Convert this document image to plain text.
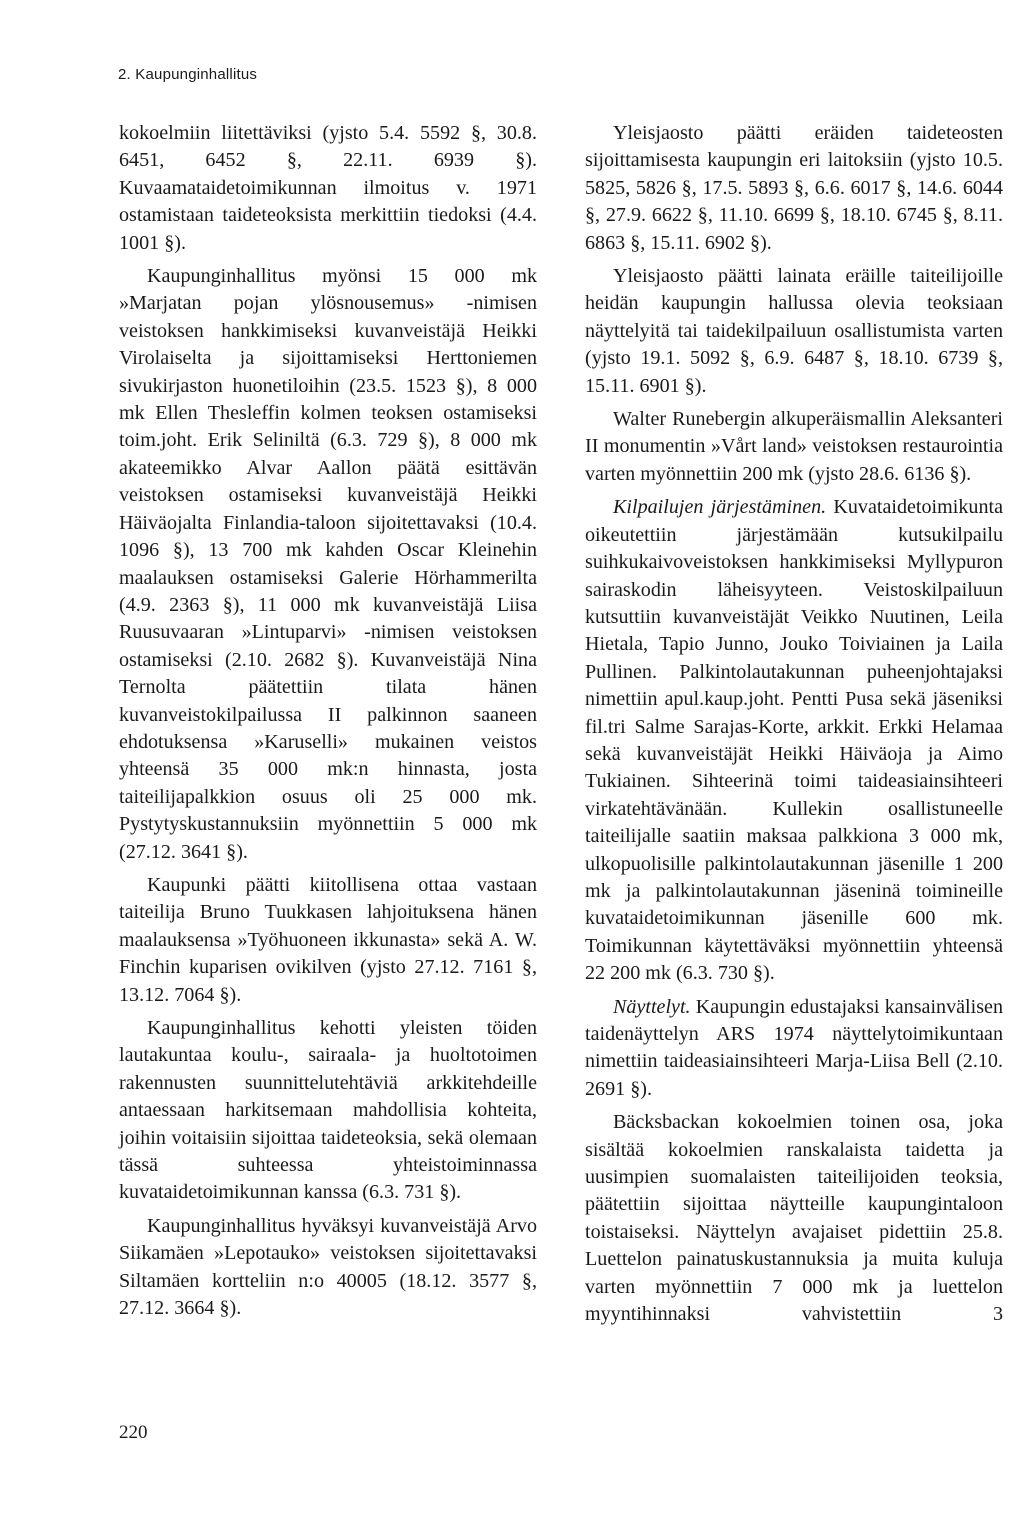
2. Kaupunginhallitus

kokoelmiin liitettäviksi (yjsto 5.4. 5592 §, 30.8. 6451, 6452 §, 22.11. 6939 §). Kuvaamataidetoimikunnan ilmoitus v. 1971 ostamistaan taideteoksista merkittiin tiedoksi (4.4. 1001 §).

Kaupunginhallitus myönsi 15 000 mk »Marjatan pojan ylösnousemus» -nimisen veistoksen hankkimiseksi kuvanveistäjä Heikki Virolaiselta ja sijoittamiseksi Herttoniemen sivukirjaston huonetiloihin (23.5. 1523 §), 8 000 mk Ellen Thesleffin kolmen teoksen ostamiseksi toim.joht. Erik Seliniltä (6.3. 729 §), 8 000 mk akateemikko Alvar Aallon päätä esittävän veistoksen ostamiseksi kuvanveistäjä Heikki Häiväojalta Finlandia-taloon sijoitettavaksi (10.4. 1096 §), 13 700 mk kahden Oscar Kleinehin maalauksen ostamiseksi Galerie Hörhammerilta (4.9. 2363 §), 11 000 mk kuvanveistäjä Liisa Ruusuvaaran »Lintuparvi» -nimisen veistoksen ostamiseksi (2.10. 2682 §). Kuvanveistäjä Nina Ternolta päätettiin tilata hänen kuvanveistokilpailussa II palkinnon saaneen ehdotuksensa »Karuselli» mukainen veistos yhteensä 35 000 mk:n hinnasta, josta taiteilijapalkkion osuus oli 25 000 mk. Pystytyskustannuksiin myönnettiin 5 000 mk (27.12. 3641 §).

Kaupunki päätti kiitollisena ottaa vastaan taiteilija Bruno Tuukkasen lahjoituksena hänen maalauksensa »Työhuoneen ikkunasta» sekä A. W. Finchin kuparisen ovikilven (yjsto 27.12. 7161 §, 13.12. 7064 §).

Kaupunginhallitus kehotti yleisten töiden lautakuntaa koulu-, sairaala- ja huoltotoimen rakennusten suunnittelutehtäviä arkkitehdeille antaessaan harkitsemaan mahdollisia kohteita, joihin voitaisiin sijoittaa taideteoksia, sekä olemaan tässä suhteessa yhteistoiminnassa kuvataidetoimikunnan kanssa (6.3. 731 §).

Kaupunginhallitus hyväksyi kuvanveistäjä Arvo Siikamäen »Lepotauko» veistoksen sijoitettavaksi Siltamäen kortteliin n:o 40005 (18.12. 3577 §, 27.12. 3664 §).

Yleisjaosto päätti eräiden taideteosten sijoittamisesta kaupungin eri laitoksiin (yjsto 10.5. 5825, 5826 §, 17.5. 5893 §, 6.6. 6017 §, 14.6. 6044 §, 27.9. 6622 §, 11.10. 6699 §, 18.10. 6745 §, 8.11. 6863 §, 15.11. 6902 §).

Yleisjaosto päätti lainata eräille taiteilijoille heidän kaupungin hallussa olevia teoksiaan näyttelyitä tai taidekilpailuun osallistumista varten (yjsto 19.1. 5092 §, 6.9. 6487 §, 18.10. 6739 §, 15.11. 6901 §).

Walter Runebergin alkuperäismallin Aleksanteri II monumentin »Vårt land» veistoksen restaurointia varten myönnettiin 200 mk (yjsto 28.6. 6136 §).

Kilpailujen järjestäminen. Kuvataidetoimikunta oikeutettiin järjestämään kutsukilpailu suihkukaivoveistoksen hankkimiseksi Myllypuron sairaskodin läheisyyteen. Veistoskilpailuun kutsuttiin kuvanveistäjät Veikko Nuutinen, Leila Hietala, Tapio Junno, Jouko Toiviainen ja Laila Pullinen. Palkintolautakunnan puheenjohtajaksi nimettiin apul.kaup.joht. Pentti Pusa sekä jäseniksi fil.tri Salme Sarajas-Korte, arkkit. Erkki Helamaa sekä kuvanveistäjät Heikki Häiväoja ja Aimo Tukiainen. Sihteerinä toimi taideasiainsihteeri virkatehtävänään. Kullekin osallistuneelle taiteilijalle saatiin maksaa palkkiona 3 000 mk, ulkopuolisille palkintolautakunnan jäsenille 1 200 mk ja palkintolautakunnan jäseninä toimineille kuvataidetoimikunnan jäsenille 600 mk. Toimikunnan käytettäväksi myönnettiin yhteensä 22 200 mk (6.3. 730 §).

Näyttelyt. Kaupungin edustajaksi kansainvälisen taidenäyttelyn ARS 1974 näyttelytoimikuntaan nimettiin taideasiainsihteeri Marja-Liisa Bell (2.10. 2691 §).

Bäcksbackan kokoelmien toinen osa, joka sisältää kokoelmien ranskalaista taidetta ja uusimpien suomalaisten taiteilijoiden teoksia, päätettiin sijoittaa näytteille kaupungintaloon toistaiseksi. Näyttelyn avajaiset pidettiin 25.8. Luettelon painatuskustannuksia ja muita kuluja varten myönnettiin 7 000 mk ja luettelon myyntihinnaksi vahvistettiin 3

220
